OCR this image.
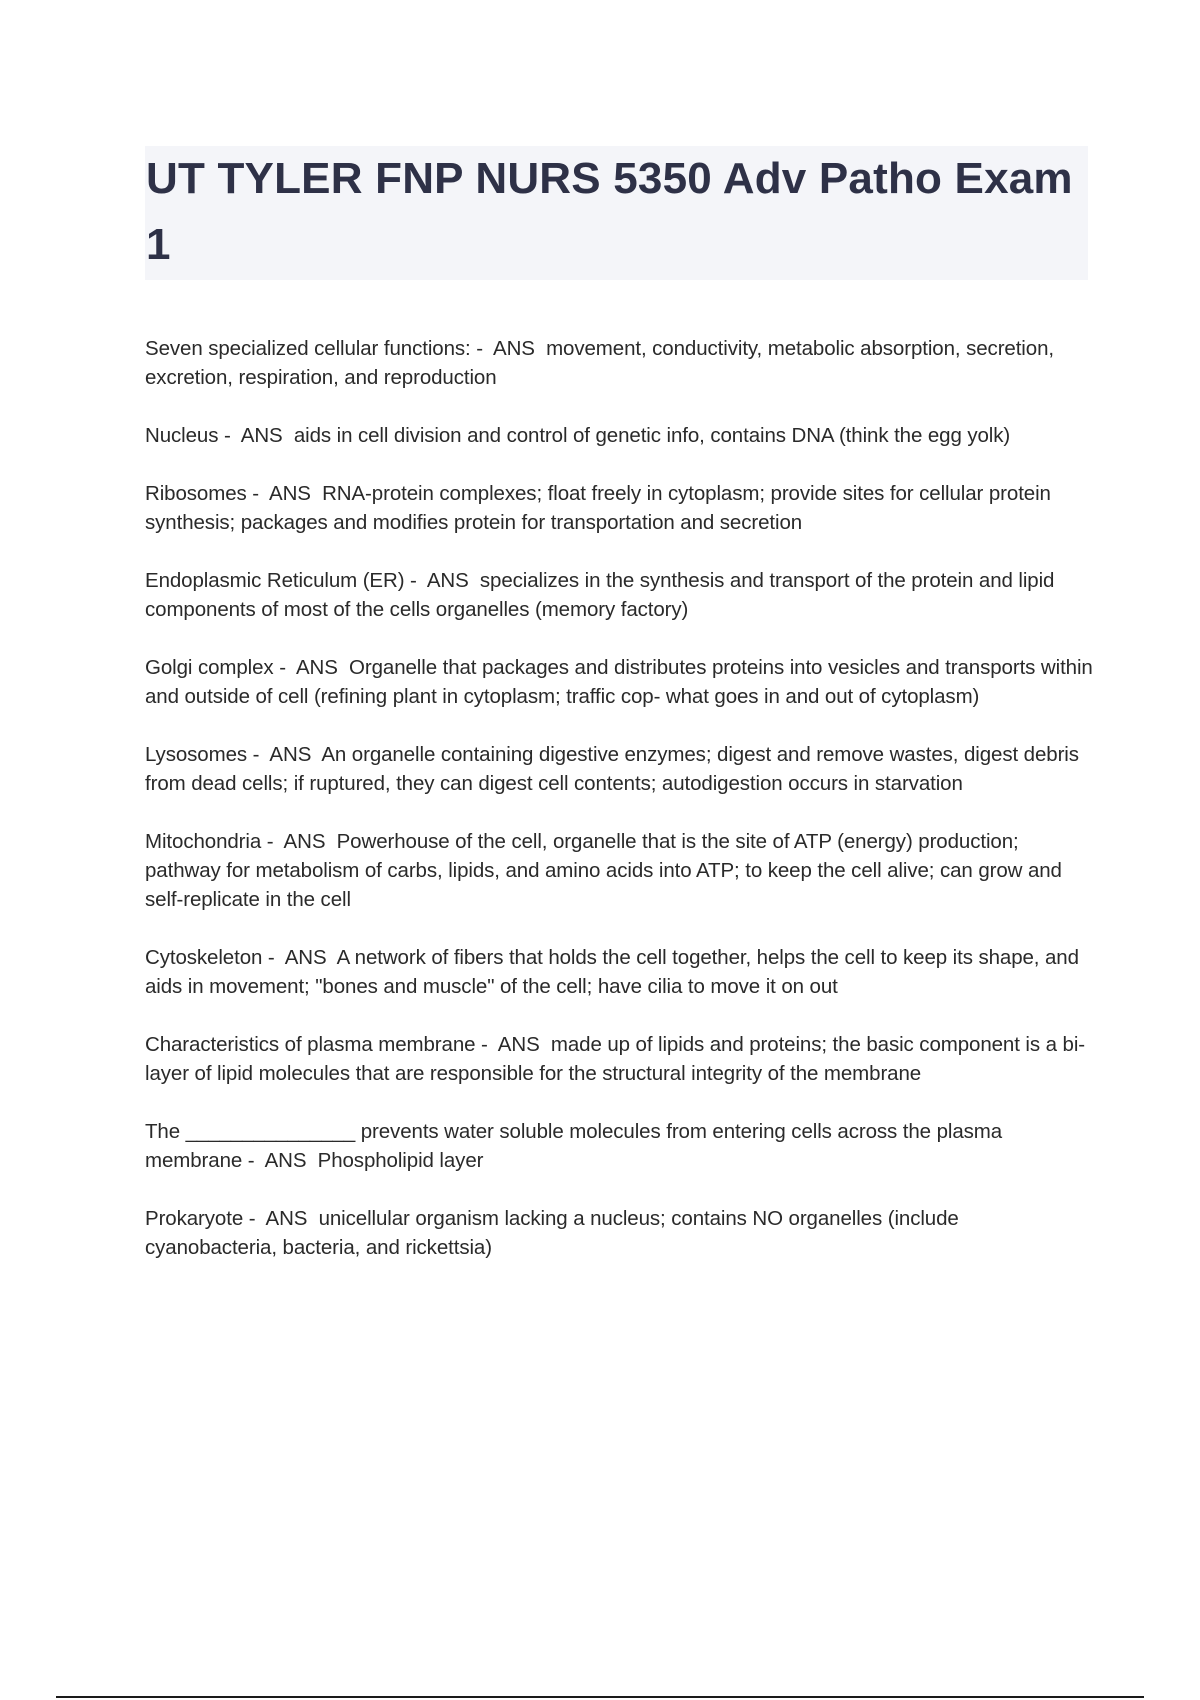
UT TYLER FNP NURS 5350 Adv Patho Exam 1

Seven specialized cellular functions: -  ANS  movement, conductivity, metabolic absorption, secretion, excretion, respiration, and reproduction

Nucleus -  ANS  aids in cell division and control of genetic info, contains DNA (think the egg yolk)

Ribosomes -  ANS  RNA-protein complexes; float freely in cytoplasm; provide sites for cellular protein synthesis; packages and modifies protein for transportation and secretion

Endoplasmic Reticulum (ER) -  ANS  specializes in the synthesis and transport of the protein and lipid components of most of the cells organelles (memory factory)

Golgi complex -  ANS  Organelle that packages and distributes proteins into vesicles and transports within and outside of cell (refining plant in cytoplasm; traffic cop- what goes in and out of cytoplasm)

Lysosomes -  ANS  An organelle containing digestive enzymes; digest and remove wastes, digest debris from dead cells; if ruptured, they can digest cell contents; autodigestion occurs in starvation

Mitochondria -  ANS  Powerhouse of the cell, organelle that is the site of ATP (energy) production; pathway for metabolism of carbs, lipids, and amino acids into ATP; to keep the cell alive; can grow and self-replicate in the cell

Cytoskeleton -  ANS  A network of fibers that holds the cell together, helps the cell to keep its shape, and aids in movement; "bones and muscle" of the cell; have cilia to move it on out

Characteristics of plasma membrane -  ANS  made up of lipids and proteins; the basic component is a bi-layer of lipid molecules that are responsible for the structural integrity of the membrane

The _______________ prevents water soluble molecules from entering cells across the plasma membrane -  ANS  Phospholipid layer

Prokaryote -  ANS  unicellular organism lacking a nucleus; contains NO organelles (include cyanobacteria, bacteria, and rickettsia)
